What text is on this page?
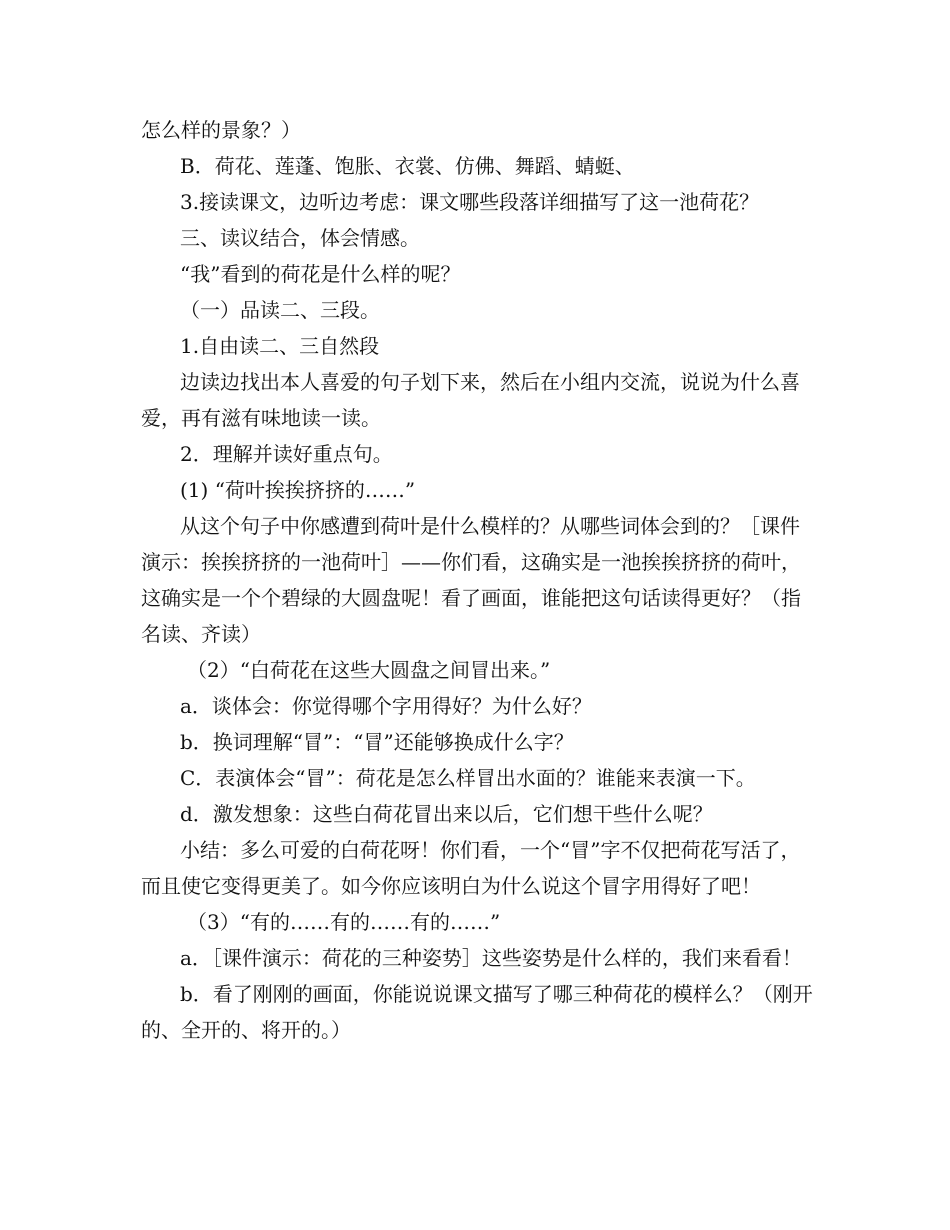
怎么样的景象？）

B．荷花、莲蓬、饱胀、衣裳、仿佛、舞蹈、蜻蜓、

3.接读课文，边听边考虑：课文哪些段落详细描写了这一池荷花？

三、读议结合，体会情感。

“我”看到的荷花是什么样的呢？

（一）品读二、三段。

1.自由读二、三自然段

边读边找出本人喜爱的句子划下来，然后在小组内交流，说说为什么喜爱，再有滋有味地读一读。

2．理解并读好重点句。

(1) “荷叶挨挨挤挤的……”

从这个句子中你感遭到荷叶是什么模样的？从哪些词体会到的？［课件演示：挨挨挤挤的一池荷叶］——你们看，这确实是一池挨挨挤挤的荷叶，这确实是一个个碧绿的大圆盘呢！看了画面，谁能把这句话读得更好？（指名读、齐读）

（2）“白荷花在这些大圆盘之间冒出来。”

a．谈体会：你觉得哪个字用得好？为什么好？

b．换词理解“冒”：“冒”还能够换成什么字？

C．表演体会“冒”：荷花是怎么样冒出水面的？谁能来表演一下。

d．激发想象：这些白荷花冒出来以后，它们想干些什么呢？

小结：多么可爱的白荷花呀！你们看，一个“冒”字不仅把荷花写活了，而且使它变得更美了。如今你应该明白为什么说这个冒字用得好了吧！

（3）“有的……有的……有的……”

a．［课件演示：荷花的三种姿势］这些姿势是什么样的，我们来看看！

b．看了刚刚的画面，你能说说课文描写了哪三种荷花的模样么？（刚开的、全开的、将开的。）
